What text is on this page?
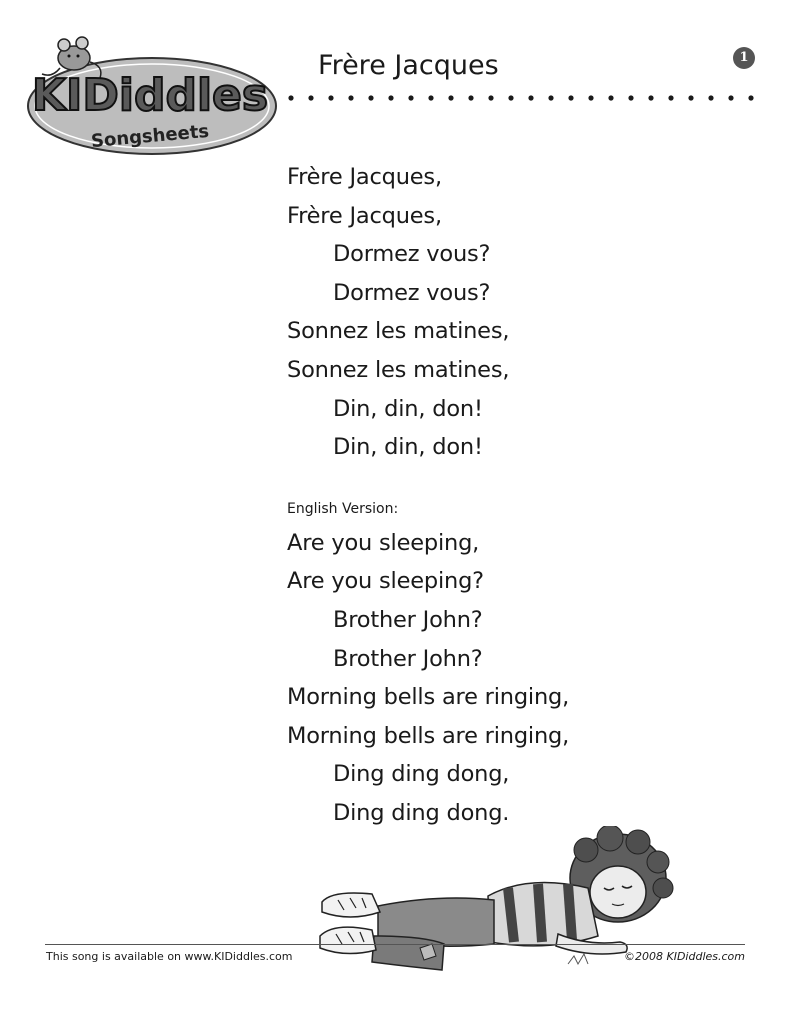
KIDiddles
Songsheets
Frère Jacques	1
Frère Jacques,
Frère Jacques,
Dormez vous?
Dormez vous?
Sonnez les matines,
Sonnez les matines,
Din, din, don!
Din, din, don!
English Version:
Are you sleeping,
Are you sleeping?
Brother John?
Brother John?
Morning bells are ringing,
Morning bells are ringing,
Ding ding dong,
Ding ding dong.
This song is available on www.KIDiddles.com	©2008 KIDiddles.com
